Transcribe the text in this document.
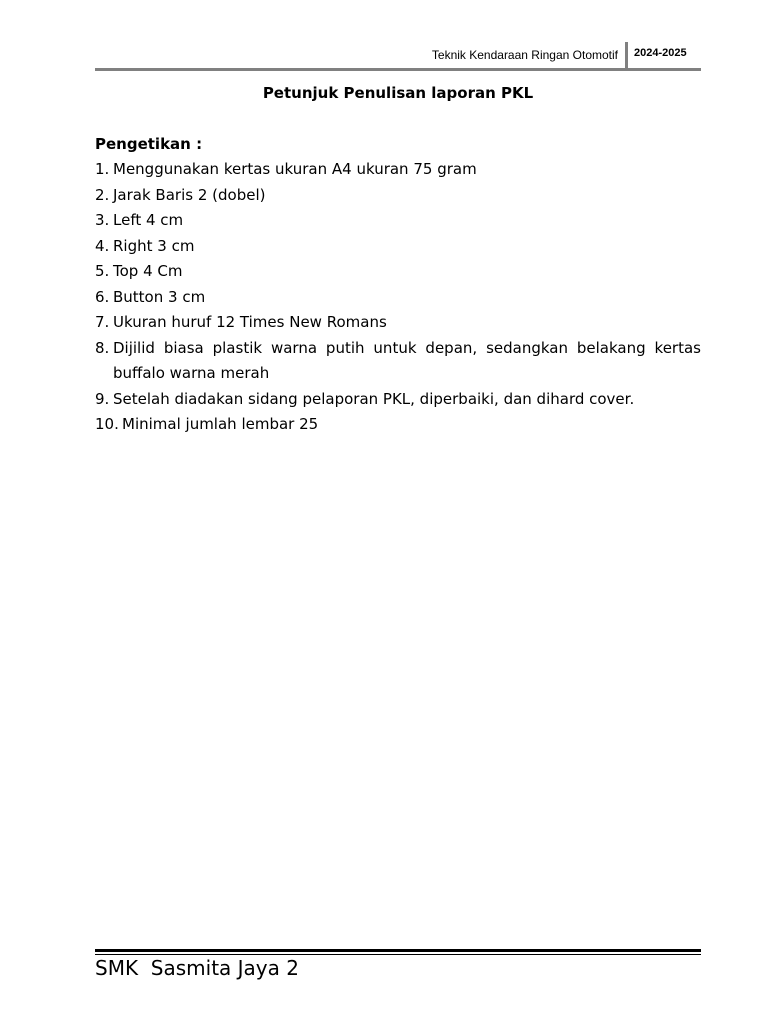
Teknik Kendaraan Ringan Otomotif 2024-2025
Petunjuk Penulisan laporan PKL
Pengetikan :
1. Menggunakan kertas ukuran A4 ukuran 75 gram
2. Jarak Baris 2 (dobel)
3. Left 4 cm
4. Right 3 cm
5. Top 4 Cm
6. Button 3 cm
7. Ukuran huruf 12 Times New Romans
8. Dijilid biasa plastik warna putih untuk depan, sedangkan belakang kertas buffalo warna merah
9. Setelah diadakan sidang pelaporan PKL, diperbaiki, dan dihard cover.
10. Minimal jumlah lembar 25
SMK  Sasmita Jaya 2
